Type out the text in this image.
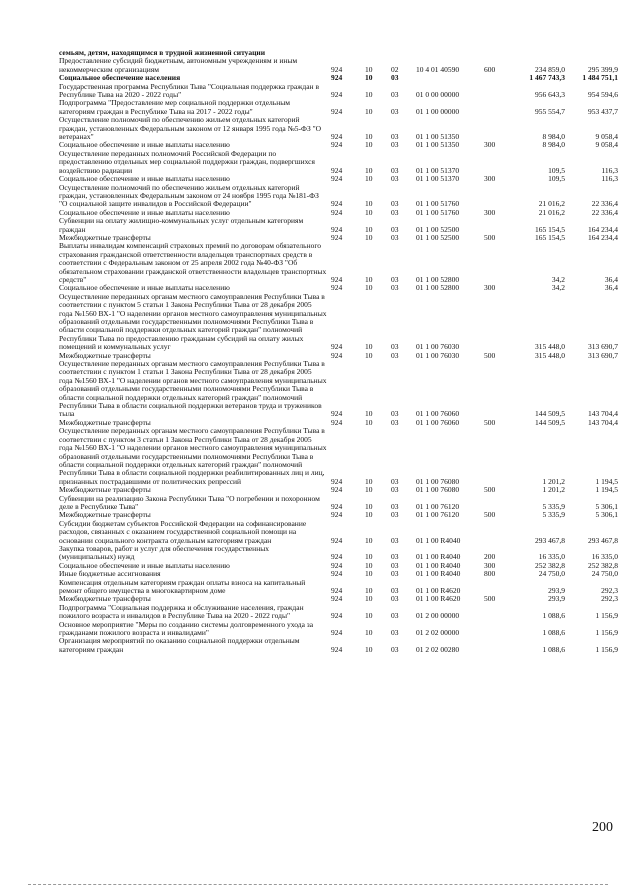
семьям, детям, находящимся в трудной жизненной ситуации							
Предоставление субсидий бюджетным, автономным учреждениям и иным некоммерческим организациям	924	10	02	10 4 01 40590	600	234 859,0	295 399,9
Социальное обеспечение населения	924	10	03			1 467 743,3	1 484 751,1
Государственная программа Республики Тыва "Социальная поддержка граждан в Республике Тыва на 2020 - 2022 годы"	924	10	03	01 0 00 00000		956 643,3	954 594,6
Подпрограмма "Предоставление мер социальной поддержки отдельным категориям граждан в Республике Тыва на 2017 - 2022 годы"	924	10	03	01 1 00 00000		955 554,7	953 437,7
Осуществление полномочий по обеспечению жильем отдельных категорий граждан, установленных Федеральным законом от 12 января 1995 года №5-ФЗ "О ветеранах"	924	10	03	01 1 00 51350		8 984,0	9 058,4
Социальное обеспечение и иные выплаты населению	924	10	03	01 1 00 51350	300	8 984,0	9 058,4
Осуществление переданных полномочий Российской Федерации по предоставлению отдельных мер социальной поддержки граждан, подвергшихся воздействию радиации	924	10	03	01 1 00 51370		109,5	116,3
Социальное обеспечение и иные выплаты населению	924	10	03	01 1 00 51370	300	109,5	116,3
Осуществление полномочий по обеспечению жильем отдельных категорий граждан, установленных Федеральным законом от 24 ноября 1995 года №181-ФЗ "О социальной защите инвалидов в Российской Федерации"	924	10	03	01 1 00 51760		21 016,2	22 336,4
Социальное обеспечение и иные выплаты населению	924	10	03	01 1 00 51760	300	21 016,2	22 336,4
Субвенции на оплату жилищно-коммунальных услуг отдельным категориям граждан	924	10	03	01 1 00 52500		165 154,5	164 234,4
Межбюджетные трансферты	924	10	03	01 1 00 52500	500	165 154,5	164 234,4
Выплаты инвалидам компенсаций страховых премий по договорам обязательного страхования гражданской ответственности владельцев транспортных средств в соответствии с Федеральным законом от 25 апреля 2002 года №40-ФЗ "Об обязательном страховании гражданской ответственности владельцев транспортных средств"	924	10	03	01 1 00 52800		34,2	36,4
Социальное обеспечение и иные выплаты населению	924	10	03	01 1 00 52800	300	34,2	36,4
Осуществление переданных органам местного самоуправления Республики Тыва в соответствии с пунктом 5 статьи 1 Закона Республики Тыва от 28 декабря 2005 года №1560 ВХ-1 "О наделении органов местного самоуправления муниципальных образований отдельными государственными полномочиями Республики Тыва в области социальной поддержки отдельных категорий граждан" полномочий Республики Тыва по предоставлению гражданам субсидий на оплату жилых помещений и коммунальных услуг	924	10	03	01 1 00 76030		315 448,0	313 690,7
Межбюджетные трансферты	924	10	03	01 1 00 76030	500	315 448,0	313 690,7
Осуществление переданных органам местного самоуправления Республики Тыва в соответствии с пунктом 1 статьи 1 Закона Республики Тыва от 28 декабря 2005 года №1560 ВХ-1 "О наделении органов местного самоуправления муниципальных образований отдельными государственными полномочиями Республики Тыва в области социальной поддержки отдельных категорий граждан" полномочий Республики Тыва в области социальной поддержки ветеранов труда и тружеников тыла	924	10	03	01 1 00 76060		144 509,5	143 704,4
Межбюджетные трансферты	924	10	03	01 1 00 76060	500	144 509,5	143 704,4
Осуществление переданных органам местного самоуправления Республики Тыва в соответствии с пунктом 3 статьи 1 Закона Республики Тыва от 28 декабря 2005 года №1560 ВХ-1 "О наделении органов местного самоуправления муниципальных образований отдельными государственными полномочиями Республики Тыва в области социальной поддержки отдельных категорий граждан" полномочий Республики Тыва в области социальной поддержки реабилитированных лиц и лиц, признанных пострадавшими от политических репрессий	924	10	03	01 1 00 76080		1 201,2	1 194,5
Межбюджетные трансферты	924	10	03	01 1 00 76080	500	1 201,2	1 194,5
Субвенции на реализацию Закона Республики Тыва "О погребении и похоронном деле в Республике Тыва"	924	10	03	01 1 00 76120		5 335,9	5 306,1
Межбюджетные трансферты	924	10	03	01 1 00 76120	500	5 335,9	5 306,1
Субсидии бюджетам субъектов Российской Федерации на софинансирование расходов, связанных с оказанием государственной социальной помощи на основании социального контракта отдельным категориям граждан	924	10	03	01 1 00 R4040		293 467,8	293 467,8
Закупка товаров, работ и услуг для обеспечения государственных (муниципальных) нужд	924	10	03	01 1 00 R4040	200	16 335,0	16 335,0
Социальное обеспечение и иные выплаты населению	924	10	03	01 1 00 R4040	300	252 382,8	252 382,8
Иные бюджетные ассигнования	924	10	03	01 1 00 R4040	800	24 750,0	24 750,0
Компенсация отдельным категориям граждан оплаты взноса на капитальный ремонт общего имущества в многоквартирном доме	924	10	03	01 1 00 R4620		293,9	292,3
Межбюджетные трансферты	924	10	03	01 1 00 R4620	500	293,9	292,3
Подпрограмма "Социальная поддержка и обслуживание населения, граждан пожилого возраста и инвалидов в Республике Тыва на 2020 - 2022 годы"	924	10	03	01 2 00 00000		1 088,6	1 156,9
Основное мероприятие "Меры по созданию системы долговременного ухода за гражданами пожилого возраста и инвалидами"	924	10	03	01 2 02 00000		1 088,6	1 156,9
Организация мероприятий по оказанию социальной поддержки отдельным категориям граждан	924	10	03	01 2 02 00280		1 088,6	1 156,9
200
